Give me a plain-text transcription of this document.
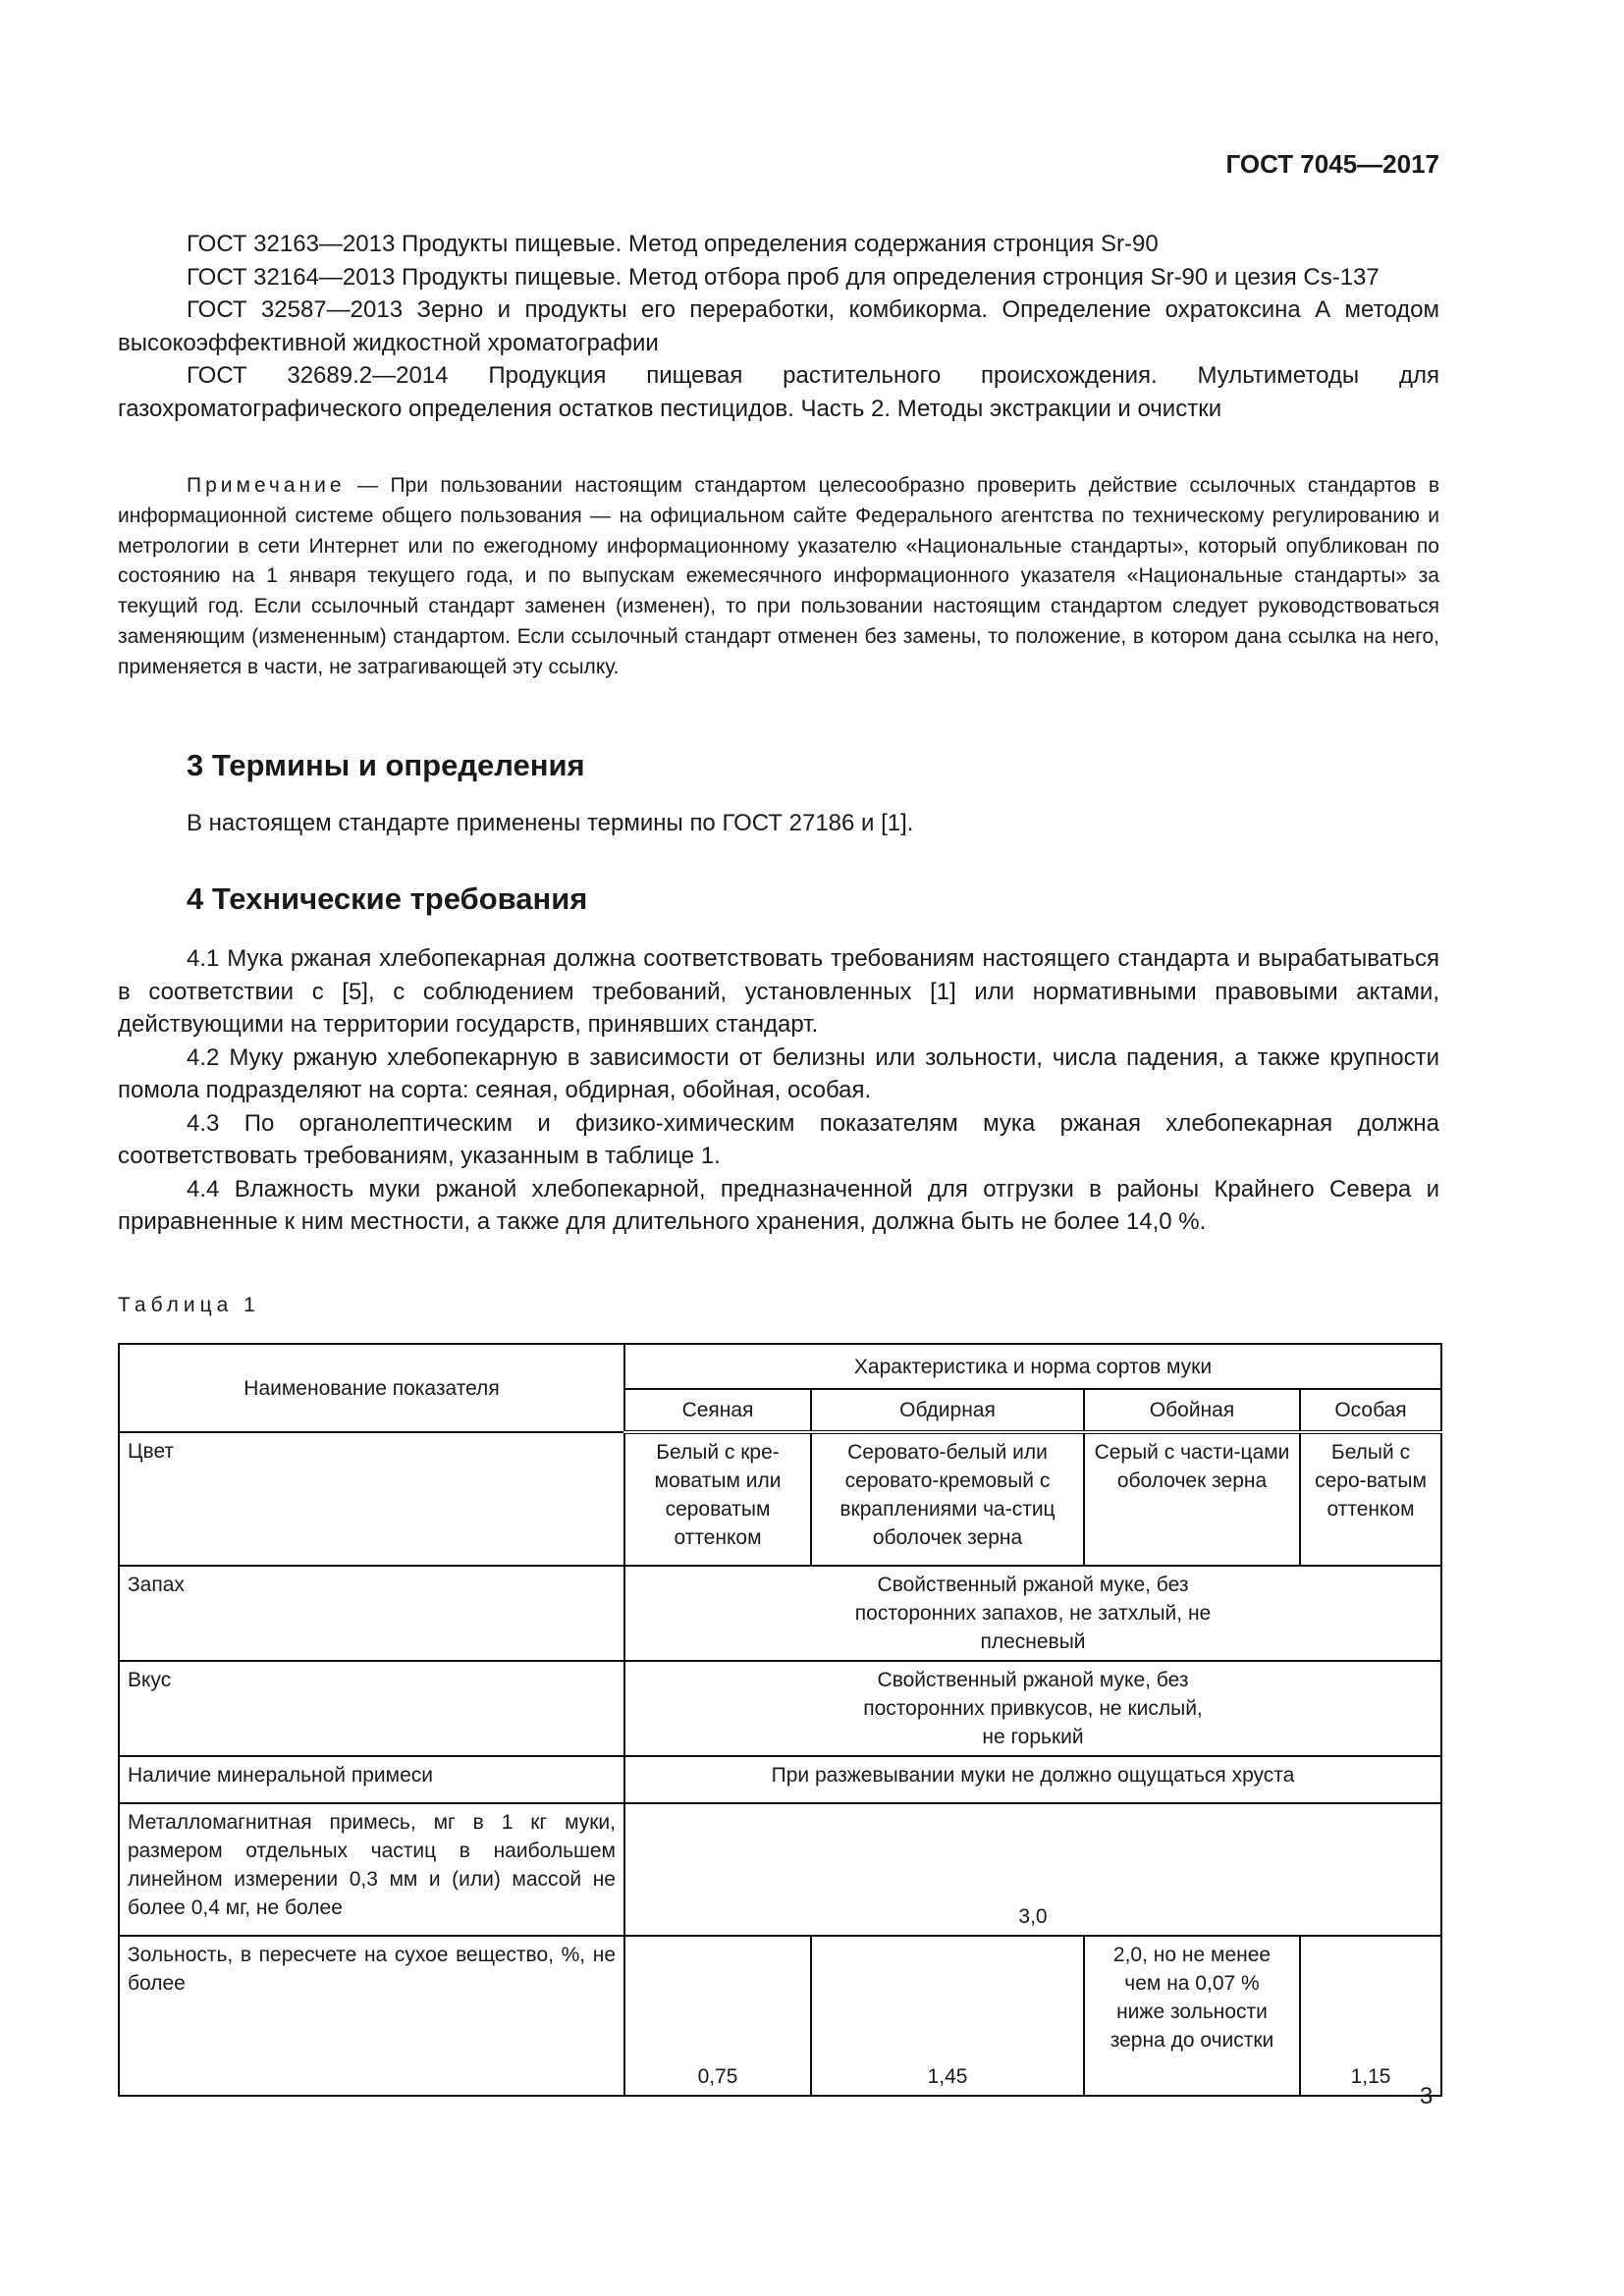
ГОСТ 7045—2017

ГОСТ 32163—2013 Продукты пищевые. Метод определения содержания стронция Sr-90

ГОСТ 32164—2013 Продукты пищевые. Метод отбора проб для определения стронция Sr-90 и цезия Cs-137

ГОСТ 32587—2013 Зерно и продукты его переработки, комбикорма. Определение охратоксина А методом высокоэффективной жидкостной хроматографии

ГОСТ 32689.2—2014 Продукция пищевая растительного происхождения. Мультиметоды для газохроматографического определения остатков пестицидов. Часть 2. Методы экстракции и очистки

Примечание — При пользовании настоящим стандартом целесообразно проверить действие ссылочных стандартов в информационной системе общего пользования — на официальном сайте Федерального агентства по техническому регулированию и метрологии в сети Интернет или по ежегодному информационному указателю «Национальные стандарты», который опубликован по состоянию на 1 января текущего года, и по выпускам ежемесячного информационного указателя «Национальные стандарты» за текущий год. Если ссылочный стандарт заменен (изменен), то при пользовании настоящим стандартом следует руководствоваться заменяющим (измененным) стандартом. Если ссылочный стандарт отменен без замены, то положение, в котором дана ссылка на него, применяется в части, не затрагивающей эту ссылку.

3 Термины и определения

В настоящем стандарте применены термины по ГОСТ 27186 и [1].

4 Технические требования

4.1 Мука ржаная хлебопекарная должна соответствовать требованиям настоящего стандарта и вырабатываться в соответствии с [5], с соблюдением требований, установленных [1] или нормативными правовыми актами, действующими на территории государств, принявших стандарт.

4.2 Муку ржаную хлебопекарную в зависимости от белизны или зольности, числа падения, а также крупности помола подразделяют на сорта: сеяная, обдирная, обойная, особая.

4.3 По органолептическим и физико-химическим показателям мука ржаная хлебопекарная должна соответствовать требованиям, указанным в таблице 1.

4.4 Влажность муки ржаной хлебопекарной, предназначенной для отгрузки в районы Крайнего Севера и приравненные к ним местности, а также для длительного хранения, должна быть не более 14,0 %.

Таблица 1
Наименование показателя	Характеристика и норма сортов муки			
	Сеяная	Обдирная	Обойная	Особая
Цвет	Белый с кре-моватым или сероватым оттенком	Серовато-белый или серовато-кремовый с вкраплениями ча-стиц оболочек зерна	Серый с части-цами оболочек зерна	Белый с серо-ватым оттенком
Запах	Свойственный ржаной муке, без посторонних запахов, не затхлый, не плесневый			
Вкус	Свойственный ржаной муке, без посторонних привкусов, не кислый, не горький			
Наличие минеральной примеси	При разжевывании муки не должно ощущаться хруста			
Металломагнитная примесь, мг в 1 кг муки, размером отдельных частиц в наибольшем линейном измерении 0,3 мм и (или) массой не более 0,4 мг, не более	3,0			
Зольность, в пересчете на сухое вещество, %, не более	0,75	1,45	2,0, но не менее чем на 0,07 % ниже зольности зерна до очистки	1,15
3
